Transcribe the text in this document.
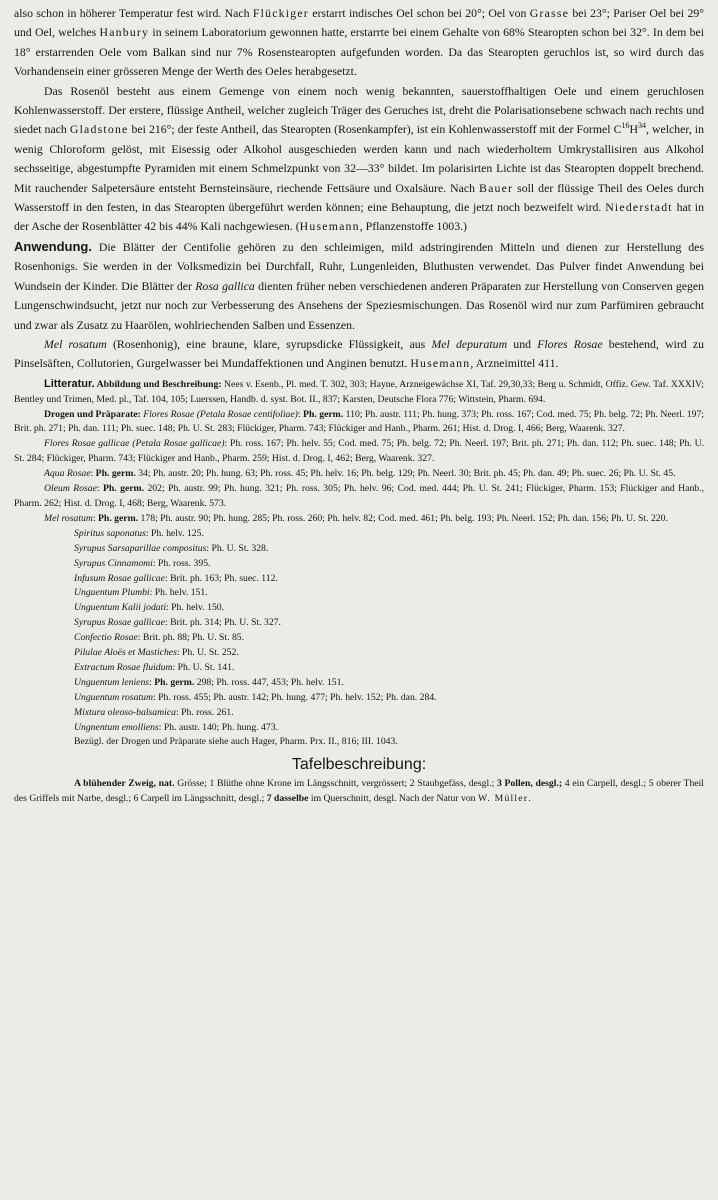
also schon in höherer Temperatur fest wird. Nach Flückiger erstarrt indisches Oel schon bei 20°; Oel von Grasse bei 23°; Pariser Oel bei 29° und Oel, welches Hanbury in seinem Laboratorium gewonnen hatte, erstarrte bei einem Gehalte von 68% Stearopten schon bei 32°. In dem bei 18° erstarrenden Oele vom Balkan sind nur 7% Rosenstearopten aufgefunden worden. Da das Stearopten geruchlos ist, so wird durch das Vorhandensein einer grösseren Menge der Werth des Oeles herabgesetzt.

Das Rosenöl besteht aus einem Gemenge von einem noch wenig bekannten, sauerstoffhaltigen Oele und einem geruchlosen Kohlenwasserstoff. Der erstere, flüssige Antheil, welcher zugleich Träger des Geruches ist, dreht die Polarisationsebene schwach nach rechts und siedet nach Gladstone bei 216°; der feste Antheil, das Stearopten (Rosenkampfer), ist ein Kohlenwasserstoff mit der Formel $C^{16}H^{34}$, welcher, in wenig Chloroform gelöst, mit Eisessig oder Alkohol ausgeschieden werden kann und nach wiederholtem Umkrystallisiren aus Alkohol sechsseitige, abgestumpfte Pyramiden mit einem Schmelzpunkt von 32—33° bildet. Im polarisirten Lichte ist das Stearopten doppelt brechend. Mit rauchender Salpetersäure entsteht Bernsteinsäure, riechende Fettsäure und Oxalsäure. Nach Bauer soll der flüssige Theil des Oeles durch Wasserstoff in den festen, in das Stearopten übergeführt werden können; eine Behauptung, die jetzt noch bezweifelt wird. Niederstadt hat in der Asche der Rosenblätter 42 bis 44% Kali nachgewiesen. (Husemann, Pflanzenstoffe 1003.)

Anwendung. Die Blätter der Centifolie gehören zu den schleimigen, mild adstringirenden Mitteln und dienen zur Herstellung des Rosenhonigs. Sie werden in der Volksmedizin bei Durchfall, Ruhr, Lungenleiden, Bluthusten verwendet. Das Pulver findet Anwendung bei Wundsein der Kinder. Die Blätter der Rosa gallica dienten früher neben verschiedenen anderen Präparaten zur Herstellung von Conserven gegen Lungenschwindsucht, jetzt nur noch zur Verbesserung des Ansehens der Speziesmischungen. Das Rosenöl wird nur zum Parfümiren gebraucht und zwar als Zusatz zu Haarölen, wohlriechenden Salben und Essenzen.

Mel rosatum (Rosenhonig), eine braune, klare, syrupsdicke Flüssigkeit, aus Mel depuratum und Flores Rosae bestehend, wird zu Pinselsäften, Collutorien, Gurgelwasser bei Mundaffektionen und Anginen benutzt. Husemann, Arzneimittel 411.

Litteratur. Abbildung und Beschreibung: Nees v. Esenb., Pl. med. T. 302, 303; Hayne, Arzneigewächse XI, Taf. 29,30,33; Berg u. Schmidt, Offiz. Gew. Taf. XXXIV; Bentley und Trimen, Med. pl., Taf. 104, 105; Luerssen, Handb. d. syst. Bot. II., 837; Karsten, Deutsche Flora 776; Wittstein, Pharm. 694.

Drogen und Präparate: Flores Rosae (Petala Rosae centifoliae): Ph. germ. 110; Ph. austr. 111; Ph. hung. 373; Ph. ross. 167; Cod. med. 75; Ph. belg. 72; Ph. Neerl. 197; Brit. ph. 271; Ph. dan. 111; Ph. suec. 148; Ph. U. St. 283; Flückiger, Pharm. 743; Flückiger and Hanb., Pharm. 261; Hist. d. Drog. I, 466; Berg, Waarenk. 327.

Flores Rosae gallicae (Petala Rosae gallicae): Ph. ross. 167; Ph. helv. 55; Cod. med. 75; Ph. belg. 72; Ph. Neerl. 197; Brit. ph. 271; Ph. dan. 112; Ph. suec. 148; Ph. U. St. 284; Flückiger, Pharm. 743; Flückiger and Hanb., Pharm. 259; Hist. d. Drog. I, 462; Berg, Waarenk. 327.

Aqua Rosae: Ph. germ. 34; Ph. austr. 20; Ph. hung. 63; Ph. ross. 45; Ph. helv. 16; Ph. belg. 129; Ph. Neerl. 30; Brit. ph. 45; Ph. dan. 49; Ph. suec. 26; Ph. U. St. 45.

Oleum Rosae: Ph. germ. 202; Ph. austr. 99; Ph. hung. 321; Ph. ross. 305; Ph. helv. 96; Cod. med. 444; Ph. U. St. 241; Flückiger, Pharm. 153; Flückiger and Hanb., Pharm. 262; Hist. d. Drog. I, 468; Berg, Waarenk. 573.

Mel rosatum: Ph. germ. 178; Ph. austr. 90; Ph. hung. 285; Ph. ross. 260; Ph. helv. 82; Cod. med. 461; Ph. belg. 193; Ph. Neerl. 152; Ph. dan. 156; Ph. U. St. 220.

Spiritus saponatus: Ph. helv. 125.

Syrupus Sarsaparillae compositus: Ph. U. St. 328.

Syrupus Cinnamomi: Ph. ross. 395.

Infusum Rosae gallicae: Brit. ph. 163; Ph. suec. 112.

Unguentum Plumbi: Ph. helv. 151.

Unguentum Kalii jodati: Ph. helv. 150.

Syrupus Rosae gallicae: Brit. ph. 314; Ph. U. St. 327.

Confectio Rosae: Brit. ph. 88; Ph. U. St. 85.

Pilulae Aloës et Mastiches: Ph. U. St. 252.

Extractum Rosae fluidum: Ph. U. St. 141.

Unguentum leniens: Ph. germ. 298; Ph. ross. 447, 453; Ph. helv. 151.

Unguentum rosatum: Ph. ross. 455; Ph. austr. 142; Ph. hung. 477; Ph. helv. 152; Ph. dan. 284.

Mixtura oleoso-balsamica: Ph. ross. 261.

Ungnentum emolliens: Ph. austr. 140; Ph. hung. 473.

Bezügl. der Drogen und Präparate siehe auch Hager, Pharm. Prx. II., 816; III. 1043.

Tafelbeschreibung:

A blühender Zweig, nat. Grösse; 1 Blüthe ohne Krone im Längsschnitt, vergrössert; 2 Staubgefäss, desgl.; 3 Pollen, desgl.; 4 ein Carpell, desgl.; 5 oberer Theil des Griffels mit Narbe, desgl.; 6 Carpell im Längsschnitt, desgl.; 7 dasselbe im Querschnitt, desgl. Nach der Natur von W. Müller.
